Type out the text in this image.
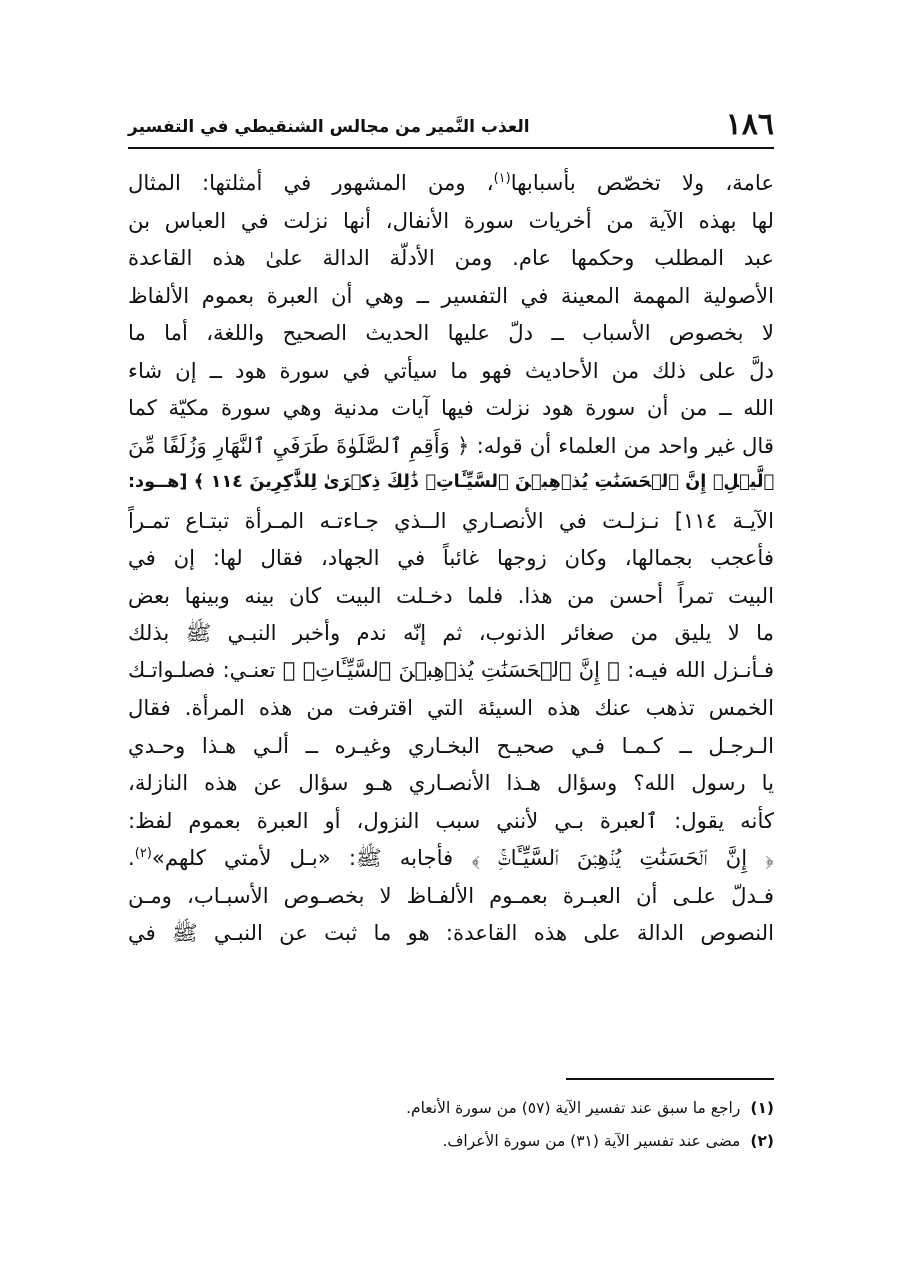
١٨٦
العذب النَّمير من مجالس الشنقيطي في التفسير
عامة، ولا تخصّص بأسبابها$^{(١)}$، ومن المشهور في أمثلتها: المثال
لها بهذه الآية من أخريات سورة الأنفال، أنها نزلت في العباس بن
عبد المطلب وحكمها عام. ومن الأدلّة الدالة علىٰ هذه القاعدة
الأصولية المهمة المعينة في التفسير ــ وهي أن العبرة بعموم الألفاظ
لا بخصوص الأسباب ــ دلّ عليها الحديث الصحيح واللغة، أما ما
دلَّ على ذلك من الأحاديث فهو ما سيأتي في سورة هود ــ إن شاء
الله ــ من أن سورة هود نزلت فيها آيات مدنية وهي سورة مكيّة كما
قال غير واحد من العلماء أن قوله: ﴿ وَأَقِمِ ٱلصَّلَوٰةَ طَرَفَيِ ٱلنَّهَارِ وَزُلَفًا مِّنَ
ٱلَّيۡلِۚ إِنَّ ٱلۡحَسَنَٰتِ يُذۡهِبۡنَ ٱلسَّيِّـَٔاتِۚ ذَٰلِكَ ذِكۡرَىٰ لِلذَّٰكِرِينَ ١١٤ ﴾ [هــود:
الآيـة ١١٤] نـزلـت في الأنصـاري الــذي جـاءتـه المـرأة تبتـاع تمـراً
فأعجب بجمالها، وكان زوجها غائباً في الجهاد، فقال لها: إن في
البيت تمراً أحسن من هذا. فلما دخـلت البيت كان بينه وبينها بعض
ما لا يليق من صغائر الذنوب، ثم إنّه ندم وأخبر النبـي ﷺ بذلك
فـأنـزل الله فيـه: ﴿ إِنَّ ٱلۡحَسَنَٰتِ يُذۡهِبۡنَ ٱلسَّيِّـَٔاتِۚ ﴾ تعنـي: فصلـواتـك
الخمس تذهب عنك هذه السيئة التي اقترفت من هذه المرأة. فقال
الـرجـل ــ كـمـا فـي صحيـح البخـاري وغيـره ــ ألـي هـذا وحـدي
يا رسول الله؟ وسؤال هـذا الأنصـاري هـو سؤال عن هذه النازلة،
كأنه يقول: ٱلعبرة بـي لأنني سبب النزول، أو العبرة بعموم لفظ:
﴿ إِنَّ ٱلۡحَسَنَٰتِ يُذۡهِبۡنَ ٱلسَّيِّـَٔاتِۚ ﴾ فأجابه ﷺ: «بـل لأمتي كلهم»$^{(٢)}$.
فـدلّ علـى أن العبـرة بعمـوم الألفـاظ لا بخصـوص الأسبـاب، ومـن
النصوص الدالة على هذه القاعدة: هو ما ثبت عن النبـي ﷺ في
(١)راجع ما سبق عند تفسير الآية (٥٧) من سورة الأنعام.
(٢)مضى عند تفسير الآية (٣١) من سورة الأعراف.
